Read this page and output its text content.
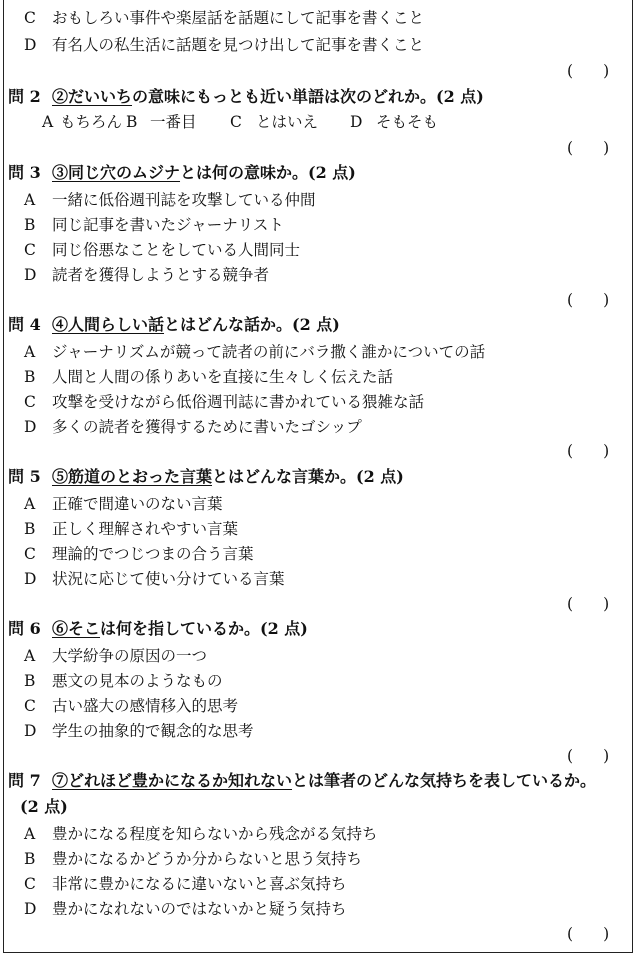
C おもしろい事件や楽屋話を話題にして記事を書くこと
D 有名人の私生活に話題を見つけ出して記事を書くこと
( )
問 2 ②だいいちの意味にもっとも近い単語は次のどれか。(2 点)
A もちろん B 一番目 C とはいえ D そもそも
( )
問 3 ③同じ穴のムジナとは何の意味か。(2 点)
A 一緒に低俗週刊誌を攻撃している仲間
B 同じ記事を書いたジャーナリスト
C 同じ俗悪なことをしている人間同士
D 読者を獲得しようとする競争者
( )
問 4 ④人間らしい話とはどんな話か。(2 点)
A ジャーナリズムが競って読者の前にバラ撒く誰かについての話
B 人間と人間の係りあいを直接に生々しく伝えた話
C 攻撃を受けながら低俗週刊誌に書かれている猥雑な話
D 多くの読者を獲得するために書いたゴシップ
( )
問 5 ⑤筋道のとおった言葉とはどんな言葉か。(2 点)
A 正確で間違いのない言葉
B 正しく理解されやすい言葉
C 理論的でつじつまの合う言葉
D 状況に応じて使い分けている言葉
( )
問 6 ⑥そこは何を指しているか。(2 点)
A 大学紛争の原因の一つ
B 悪文の見本のようなもの
C 古い盛大の感情移入的思考
D 学生の抽象的で観念的な思考
( )
問 7 ⑦どれほど豊かになるか知れないとは筆者のどんな気持ちを表しているか。
(2 点)
A 豊かになる程度を知らないから残念がる気持ち
B 豊かになるかどうか分からないと思う気持ち
C 非常に豊かになるに違いないと喜ぶ気持ち
D 豊かになれないのではないかと疑う気持ち
( )
